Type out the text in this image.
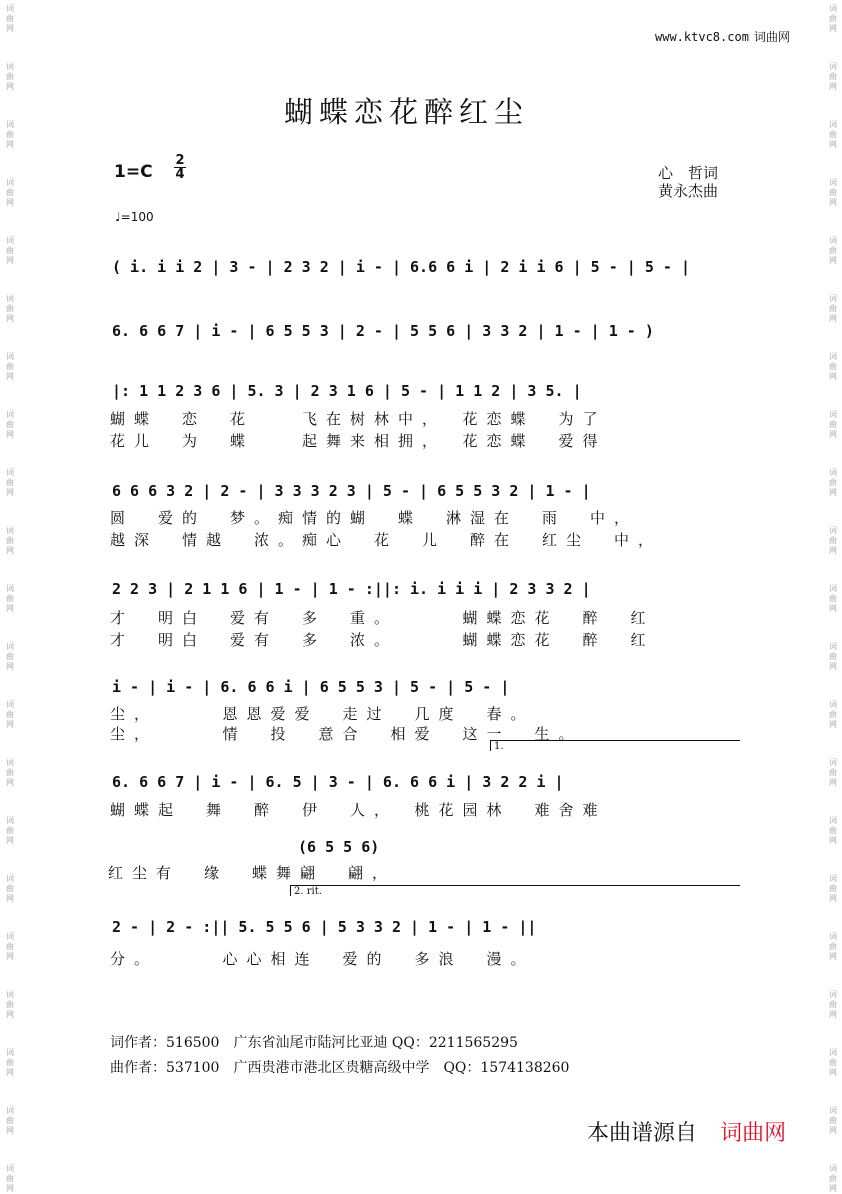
词
曲
网
词
曲
网
词
曲
网
词
曲
网
词
曲
网
词
曲
网
词
曲
网
词
曲
网
词
曲
网
词
曲
网
词
曲
网
词
曲
网
词
曲
网
词
曲
网
词
曲
网
词
曲
网
词
曲
网
词
曲
网
词
曲
网
词
曲
网
词
曲
网
词
曲
网
词
曲
网
词
曲
网
词
曲
网
词
曲
网
词
曲
网
词
曲
网
词
曲
网
词
曲
网
词
曲
网
词
曲
网
词
曲
网
词
曲
网
词
曲
网
词
曲
网
词
曲
网
词
曲
网
词
曲
网
词
曲
网
词
曲
网
词
曲
网
www.ktvc8.com 词曲网
蝴蝶恋花醉红尘
1=C
2
4
♩=100
心　哲词
黄永杰曲
( i. i i 2 | 3 - | 2 3 2 | i - | 6.6 6 i | 2 i i 6 | 5 - | 5 - |
6. 6 6 7 | i - | 6 5 5 3 | 2 - | 5 5 6 | 3 3 2 | 1 - | 1 - )
|: 1 1 2 3 6 | 5. 3 | 2 3 1 6 | 5 - | 1 1 2 | 3 5. |
蝴蝶　恋　花　　飞在树林中，　花恋蝶　为了
花儿　为　蝶　　起舞来相拥，　花恋蝶　爱得
6 6 6 3 2 | 2 - | 3 3 3 2 3 | 5 - | 6 5 5 3 2 | 1 - |
圆　爱的　梦。痴情的蝴　蝶　淋湿在　雨　中，
越深　情越　浓。痴心　花　儿　醉在　红尘　中，
2 2 3 | 2 1 1 6 | 1 - | 1 - :||: i. i i i | 2 3 3 2 |
才　明白　爱有　多　重。　　　蝴蝶恋花　醉　红
才　明白　爱有　多　浓。　　　蝴蝶恋花　醉　红
i - | i - | 6. 6 6 i | 6 5 5 3 | 5 - | 5 - |
尘，　　　恩恩爱爱　走过　几度　春。
尘，　　　情　投　意合　相爱　这一　生。
1.
6. 6 6 7 | i - | 6. 5 | 3 - | 6. 6 6 i | 3 2 2 i |
蝴蝶起　舞　醉　伊　人，　桃花园林　难舍难
(6 5 5 6)
红尘有　缘　蝶舞翩　翩，
2. rit.
2 - | 2 - :|| 5. 5 5 6 | 5 3 3 2 | 1 - | 1 - ||
分。　　　心心相连　爱的　多浪　漫。
词作者：516500　广东省汕尾市陆河比亚迪 QQ：2211565295
曲作者：537100　广西贵港市港北区贵糖高级中学　QQ：1574138260
本曲谱源自 词曲网
